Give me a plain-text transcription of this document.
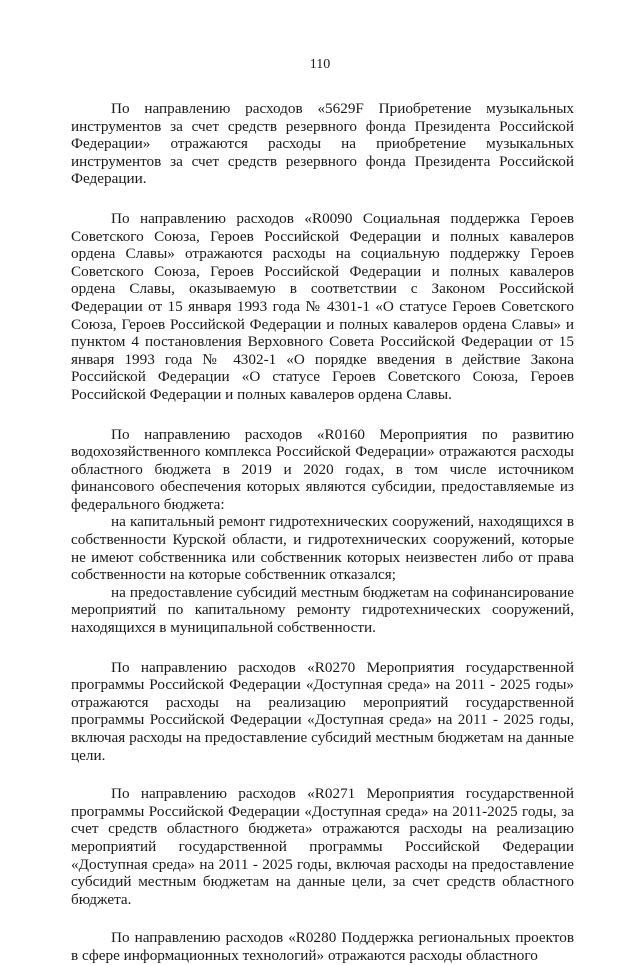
110

По направлению расходов «5629F Приобретение музыкальных инструментов за счет средств резервного фонда Президента Российской Федерации» отражаются расходы на приобретение музыкальных инструментов за счет средств резервного фонда Президента Российской Федерации.

По направлению расходов «R0090 Социальная поддержка Героев Советского Союза, Героев Российской Федерации и полных кавалеров ордена Славы» отражаются расходы на социальную поддержку Героев Советского Союза, Героев Российской Федерации и полных кавалеров ордена Славы, оказываемую в соответствии с Законом Российской Федерации от 15 января 1993 года № 4301-1 «О статусе Героев Советского Союза, Героев Российской Федерации и полных кавалеров ордена Славы» и пунктом 4 постановления Верховного Совета Российской Федерации от 15 января 1993 года № 4302-1 «О порядке введения в действие Закона Российской Федерации «О статусе Героев Советского Союза, Героев Российской Федерации и полных кавалеров ордена Славы.

По направлению расходов «R0160 Мероприятия по развитию водохозяйственного комплекса Российской Федерации» отражаются расходы областного бюджета в 2019 и 2020 годах, в том числе источником финансового обеспечения которых являются субсидии, предоставляемые из федерального бюджета:

на капитальный ремонт гидротехнических сооружений, находящихся в собственности Курской области, и гидротехнических сооружений, которые не имеют собственника или собственник которых неизвестен либо от права собственности на которые собственник отказался;

на предоставление субсидий местным бюджетам на софинансирование мероприятий по капитальному ремонту гидротехнических сооружений, находящихся в муниципальной собственности.

По направлению расходов «R0270 Мероприятия государственной программы Российской Федерации «Доступная среда» на 2011 - 2025 годы» отражаются расходы на реализацию мероприятий государственной программы Российской Федерации «Доступная среда» на 2011 - 2025 годы, включая расходы на предоставление субсидий местным бюджетам на данные цели.

По направлению расходов «R0271 Мероприятия государственной программы Российской Федерации «Доступная среда» на 2011-2025 годы, за счет средств областного бюджета» отражаются расходы на реализацию мероприятий государственной программы Российской Федерации «Доступная среда» на 2011 - 2025 годы, включая расходы на предоставление субсидий местным бюджетам на данные цели, за счет средств областного бюджета.

По направлению расходов «R0280 Поддержка региональных проектов в сфере информационных технологий» отражаются расходы областного
